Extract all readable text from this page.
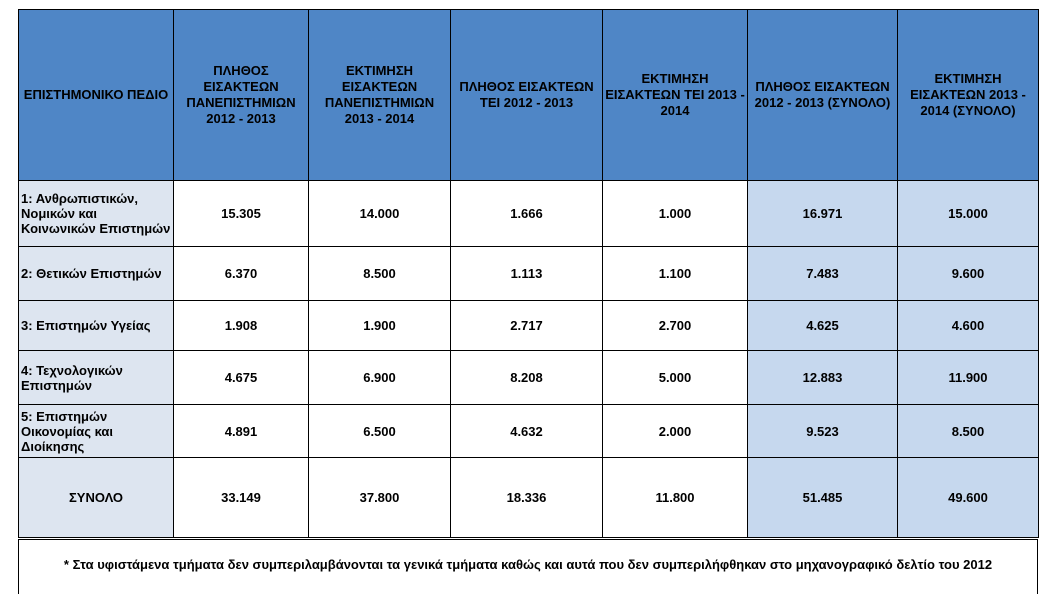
ΕΠΙΣΤΗΜΟΝΙΚΟ ΠΕΔΙΟ	ΠΛΗΘΟΣ ΕΙΣΑΚΤΕΩΝ ΠΑΝΕΠΙΣΤΗΜΙΩΝ 2012 - 2013	ΕΚΤΙΜΗΣΗ ΕΙΣΑΚΤΕΩΝ ΠΑΝΕΠΙΣΤΗΜΙΩΝ 2013 - 2014	ΠΛΗΘΟΣ ΕΙΣΑΚΤΕΩΝ ΤΕΙ 2012 - 2013	ΕΚΤΙΜΗΣΗ ΕΙΣΑΚΤΕΩΝ ΤΕΙ 2013 - 2014	ΠΛΗΘΟΣ ΕΙΣΑΚΤΕΩΝ 2012 - 2013 (ΣΥΝΟΛΟ)	ΕΚΤΙΜΗΣΗ ΕΙΣΑΚΤΕΩΝ 2013 - 2014 (ΣΥΝΟΛΟ)
1: Ανθρωπιστικών, Νομικών και Κοινωνικών Επιστημών	15.305	14.000	1.666	1.000	16.971	15.000
2: Θετικών Επιστημών	6.370	8.500	1.113	1.100	7.483	9.600
3: Επιστημών Υγείας	1.908	1.900	2.717	2.700	4.625	4.600
4: Τεχνολογικών Επιστημών	4.675	6.900	8.208	5.000	12.883	11.900
5: Επιστημών Οικονομίας και Διοίκησης	4.891	6.500	4.632	2.000	9.523	8.500
ΣΥΝΟΛΟ	33.149	37.800	18.336	11.800	51.485	49.600
* Στα υφιστάμενα τμήματα δεν συμπεριλαμβάνονται τα γενικά τμήματα καθώς και αυτά που δεν συμπεριλήφθηκαν στο μηχανογραφικό δελτίο του 2012
